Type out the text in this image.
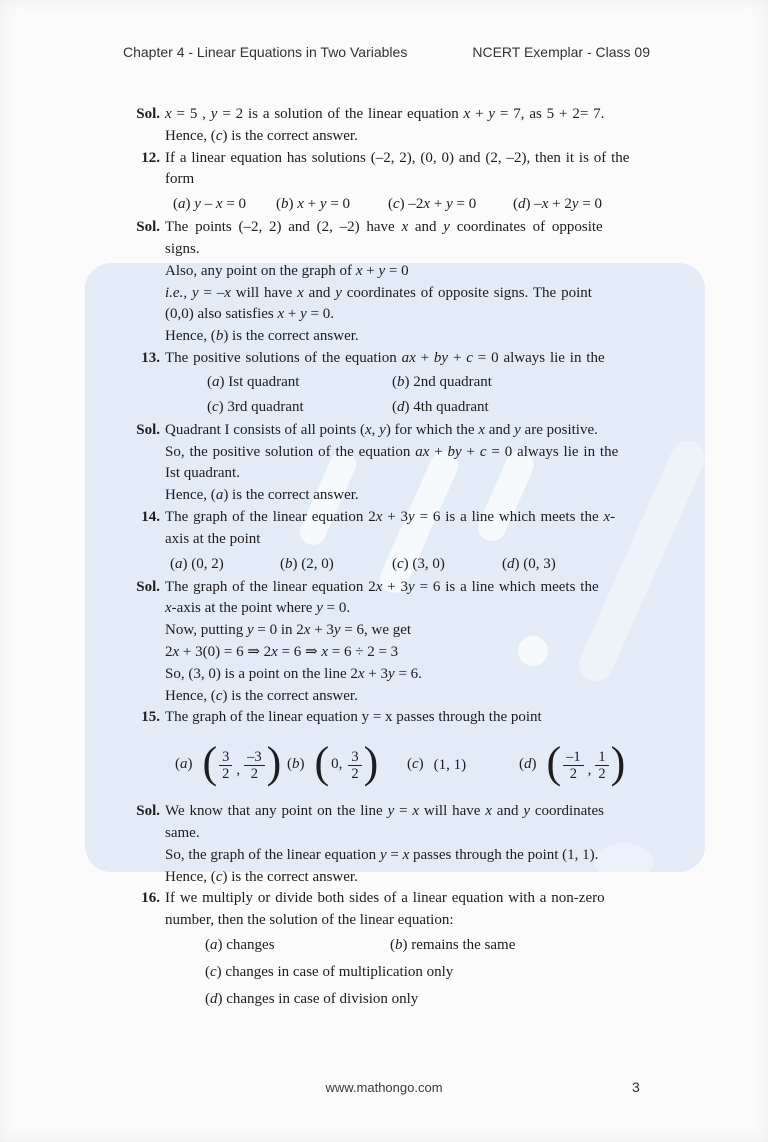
Chapter 4 - Linear Equations in Two Variables	NCERT Exemplar - Class 09
Sol. x = 5 , y = 2 is a solution of the linear equation x + y = 7, as 5 + 2= 7.
Hence, (c) is the correct answer.
12. If a linear equation has solutions (–2, 2), (0, 0) and (2, –2), then it is of the
form
(a) y – x = 0	(b) x + y = 0	(c) –2x + y = 0	(d) –x + 2y = 0
Sol. The points (–2, 2) and (2, –2) have x and y coordinates of opposite
signs.
Also, any point on the graph of x + y = 0
i.e., y = –x will have x and y coordinates of opposite signs. The point
(0,0) also satisfies x + y = 0.
Hence, (b) is the correct answer.
13. The positive solutions of the equation ax + by + c = 0 always lie in the
(a) Ist quadrant	(b) 2nd quadrant
(c) 3rd quadrant	(d) 4th quadrant
Sol. Quadrant I consists of all points (x, y) for which the x and y are positive.
So, the positive solution of the equation ax + by + c = 0 always lie in the
Ist quadrant.
Hence, (a) is the correct answer.
14. The graph of the linear equation 2x + 3y = 6 is a line which meets the x-
axis at the point
(a) (0, 2)	(b) (2, 0)	(c) (3, 0)	(d) (0, 3)
Sol. The graph of the linear equation 2x + 3y = 6 is a line which meets the
x-axis at the point where y = 0.
Now, putting y = 0 in 2x + 3y = 6, we get
2x + 3(0) = 6 ⇒ 2x = 6 ⇒ x = 6 ÷ 2 = 3
So, (3, 0) is a point on the line 2x + 3y = 6.
Hence, (c) is the correct answer.
15. The graph of the linear equation y = x passes through the point
(a) ( $\frac{3}{2}$ , $\frac{-3}{2}$ ) (b) ( 0, $\frac{3}{2}$ ) (c) (1, 1)	(d) ( $\frac{-1}{2}$ , $\frac{1}{2}$ )
Sol. We know that any point on the line y = x will have x and y coordinates
same.
So, the graph of the linear equation y = x passes through the point (1, 1).
Hence, (c) is the correct answer.
16. If we multiply or divide both sides of a linear equation with a non-zero
number, then the solution of the linear equation:
(a) changes	(b) remains the same
(c) changes in case of multiplication only
(d) changes in case of division only
www.mathongo.com	3
